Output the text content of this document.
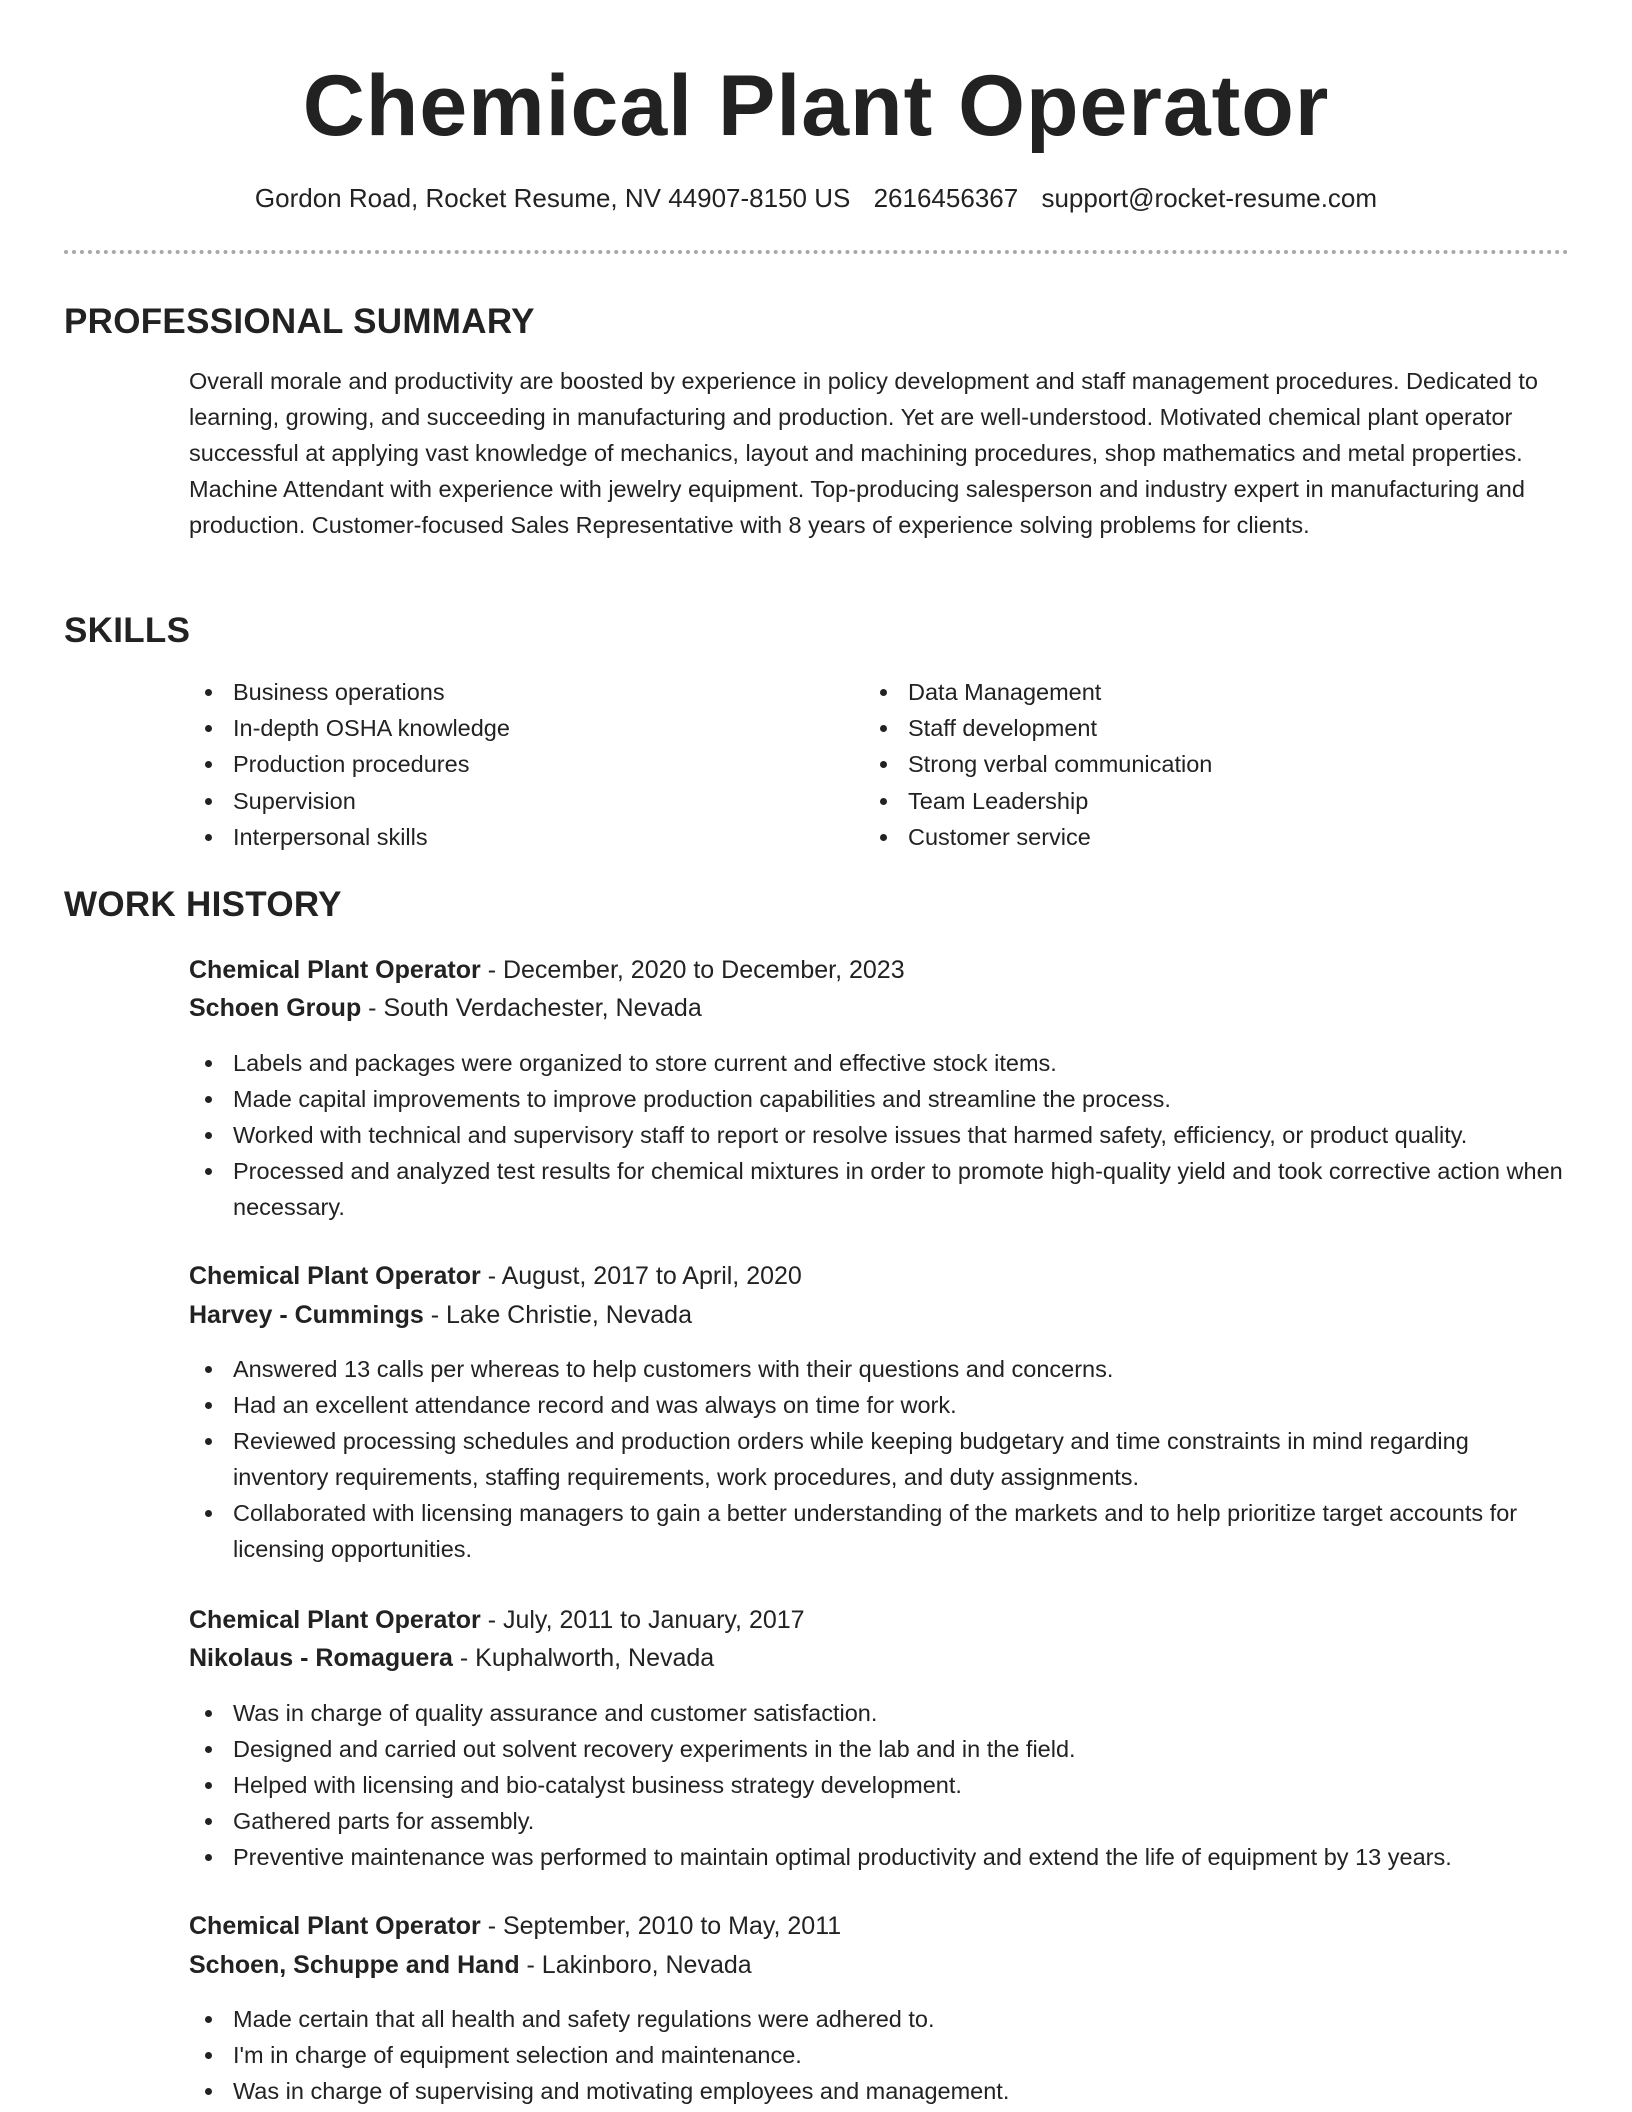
Chemical Plant Operator
Gordon Road, Rocket Resume, NV 44907-8150 US 2616456367 support@rocket-resume.com
PROFESSIONAL SUMMARY
Overall morale and productivity are boosted by experience in policy development and staff management procedures. Dedicated to learning, growing, and succeeding in manufacturing and production. Yet are well-understood. Motivated chemical plant operator successful at applying vast knowledge of mechanics, layout and machining procedures, shop mathematics and metal properties. Machine Attendant with experience with jewelry equipment. Top-producing salesperson and industry expert in manufacturing and production. Customer-focused Sales Representative with 8 years of experience solving problems for clients.
SKILLS
Business operations
In-depth OSHA knowledge
Production procedures
Supervision
Interpersonal skills
Data Management
Staff development
Strong verbal communication
Team Leadership
Customer service
WORK HISTORY
Chemical Plant Operator - December, 2020 to December, 2023
Schoen Group - South Verdachester, Nevada
Labels and packages were organized to store current and effective stock items.
Made capital improvements to improve production capabilities and streamline the process.
Worked with technical and supervisory staff to report or resolve issues that harmed safety, efficiency, or product quality.
Processed and analyzed test results for chemical mixtures in order to promote high-quality yield and took corrective action when necessary.
Chemical Plant Operator - August, 2017 to April, 2020
Harvey - Cummings - Lake Christie, Nevada
Answered 13 calls per whereas to help customers with their questions and concerns.
Had an excellent attendance record and was always on time for work.
Reviewed processing schedules and production orders while keeping budgetary and time constraints in mind regarding inventory requirements, staffing requirements, work procedures, and duty assignments.
Collaborated with licensing managers to gain a better understanding of the markets and to help prioritize target accounts for licensing opportunities.
Chemical Plant Operator - July, 2011 to January, 2017
Nikolaus - Romaguera - Kuphalworth, Nevada
Was in charge of quality assurance and customer satisfaction.
Designed and carried out solvent recovery experiments in the lab and in the field.
Helped with licensing and bio-catalyst business strategy development.
Gathered parts for assembly.
Preventive maintenance was performed to maintain optimal productivity and extend the life of equipment by 13 years.
Chemical Plant Operator - September, 2010 to May, 2011
Schoen, Schuppe and Hand - Lakinboro, Nevada
Made certain that all health and safety regulations were adhered to.
I'm in charge of equipment selection and maintenance.
Was in charge of supervising and motivating employees and management.
